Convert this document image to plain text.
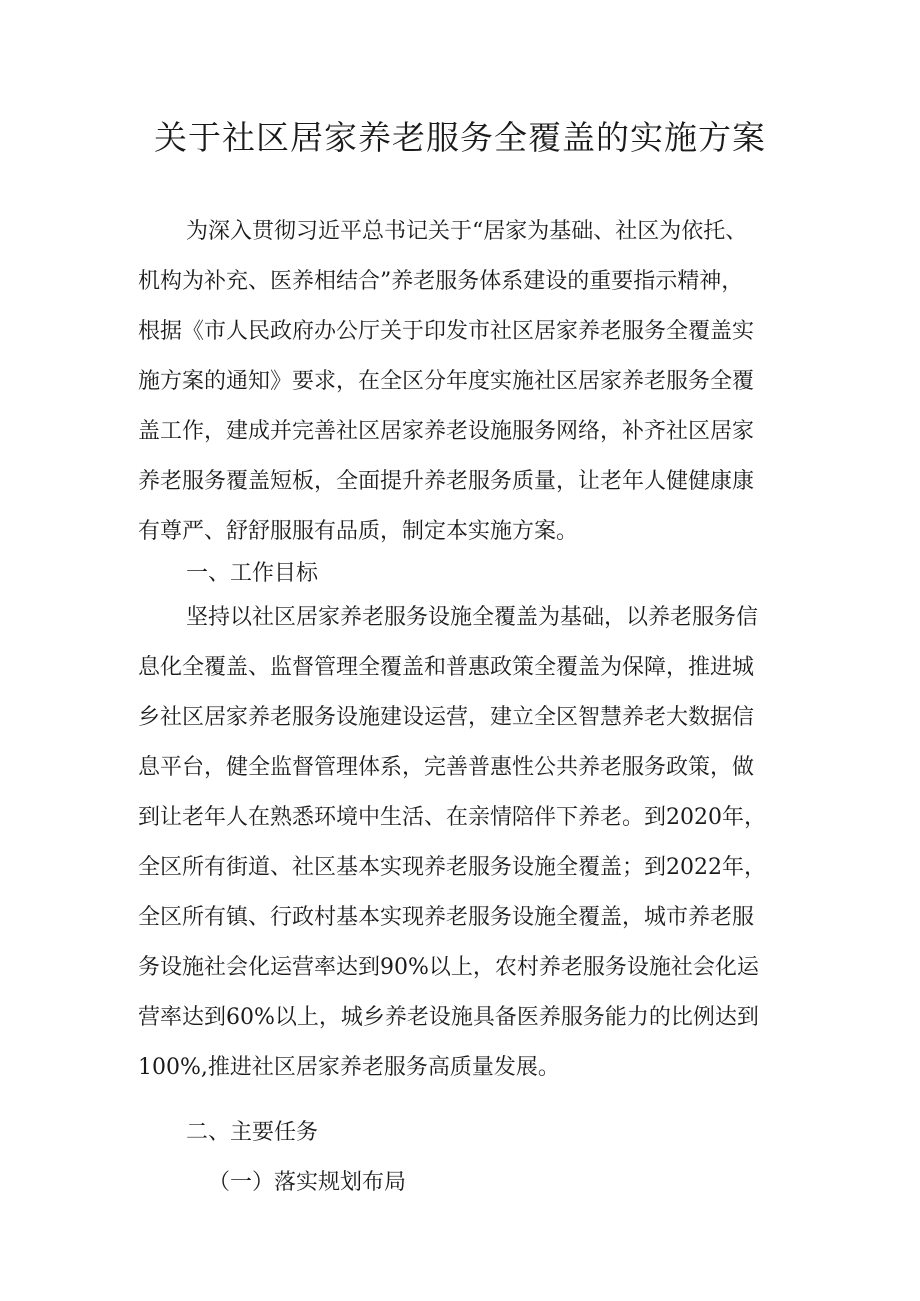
关于社区居家养老服务全覆盖的实施方案

为深入贯彻习近平总书记关于“居家为基础、社区为依托、

机构为补充、医养相结合”养老服务体系建设的重要指示精神，

根据《市人民政府办公厅关于印发市社区居家养老服务全覆盖实

施方案的通知》要求，在全区分年度实施社区居家养老服务全覆

盖工作，建成并完善社区居家养老设施服务网络，补齐社区居家

养老服务覆盖短板，全面提升养老服务质量，让老年人健健康康

有尊严、舒舒服服有品质，制定本实施方案。

一、工作目标

坚持以社区居家养老服务设施全覆盖为基础，以养老服务信

息化全覆盖、监督管理全覆盖和普惠政策全覆盖为保障，推进城

乡社区居家养老服务设施建设运营，建立全区智慧养老大数据信

息平台，健全监督管理体系，完善普惠性公共养老服务政策，做

到让老年人在熟悉环境中生活、在亲情陪伴下养老。到2020年，

全区所有街道、社区基本实现养老服务设施全覆盖；到2022年，

全区所有镇、行政村基本实现养老服务设施全覆盖，城市养老服

务设施社会化运营率达到90%以上，农村养老服务设施社会化运

营率达到60%以上，城乡养老设施具备医养服务能力的比例达到

100%,推进社区居家养老服务高质量发展。

二、主要任务

（一）落实规划布局
